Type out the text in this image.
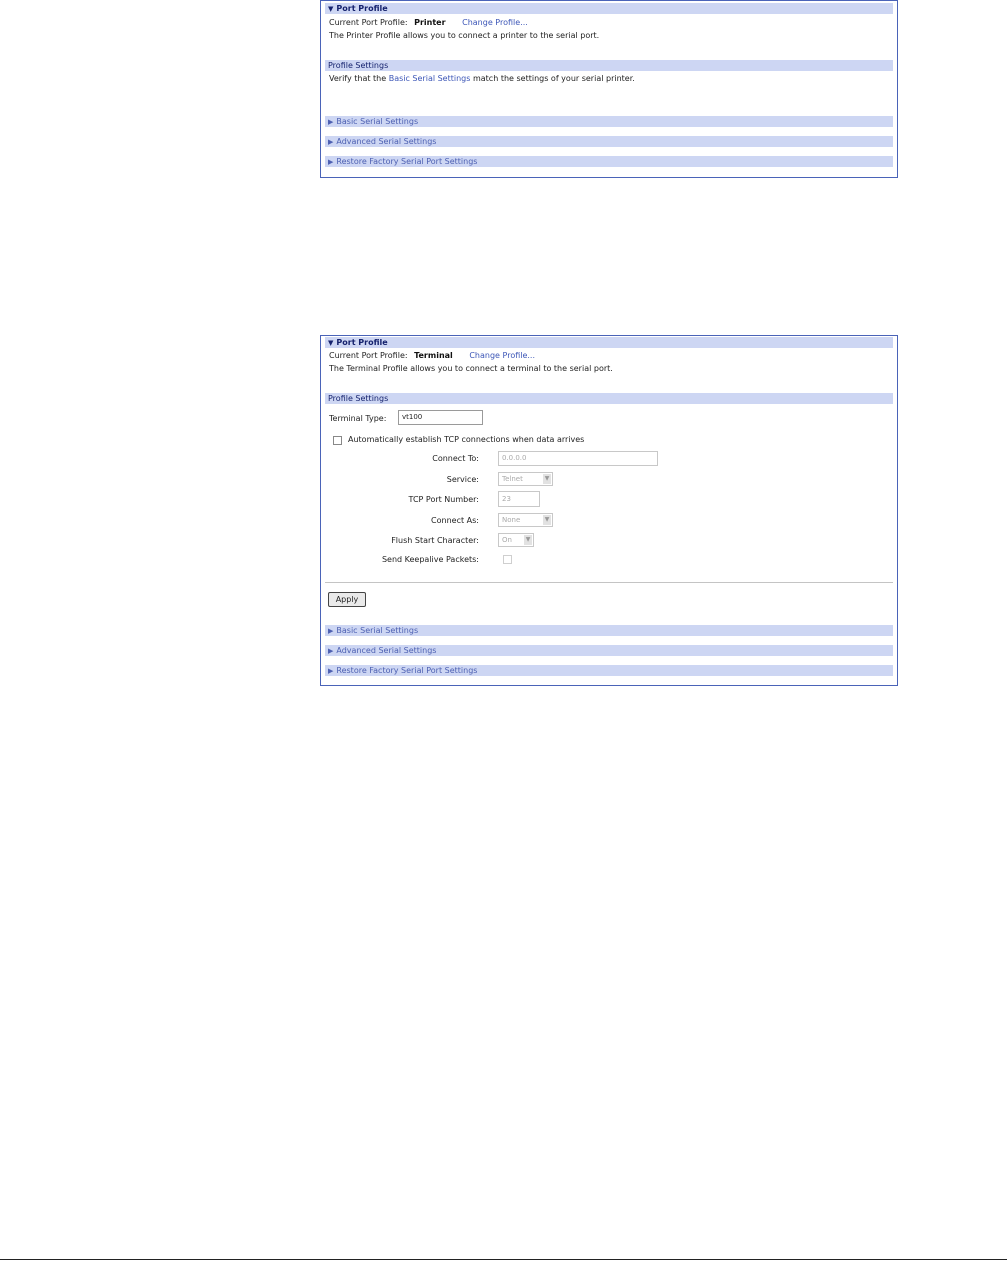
▼ Port Profile
Current Port Profile: Printer Change Profile...
The Printer Profile allows you to connect a printer to the serial port.
Profile Settings
Verify that the Basic Serial Settings match the settings of your serial printer.
▶ Basic Serial Settings
▶ Advanced Serial Settings
▶ Restore Factory Serial Port Settings
▼ Port Profile
Current Port Profile: Terminal Change Profile...
The Terminal Profile allows you to connect a terminal to the serial port.
Profile Settings
Terminal Type:	vt100
Automatically establish TCP connections when data arrives
Connect To:	0.0.0.0
Service:	Telnet	▼
TCP Port Number:	23
Connect As:	None	▼
Flush Start Character:	On ▼
Send Keepalive Packets:
Apply
▶ Basic Serial Settings
▶ Advanced Serial Settings
▶ Restore Factory Serial Port Settings
